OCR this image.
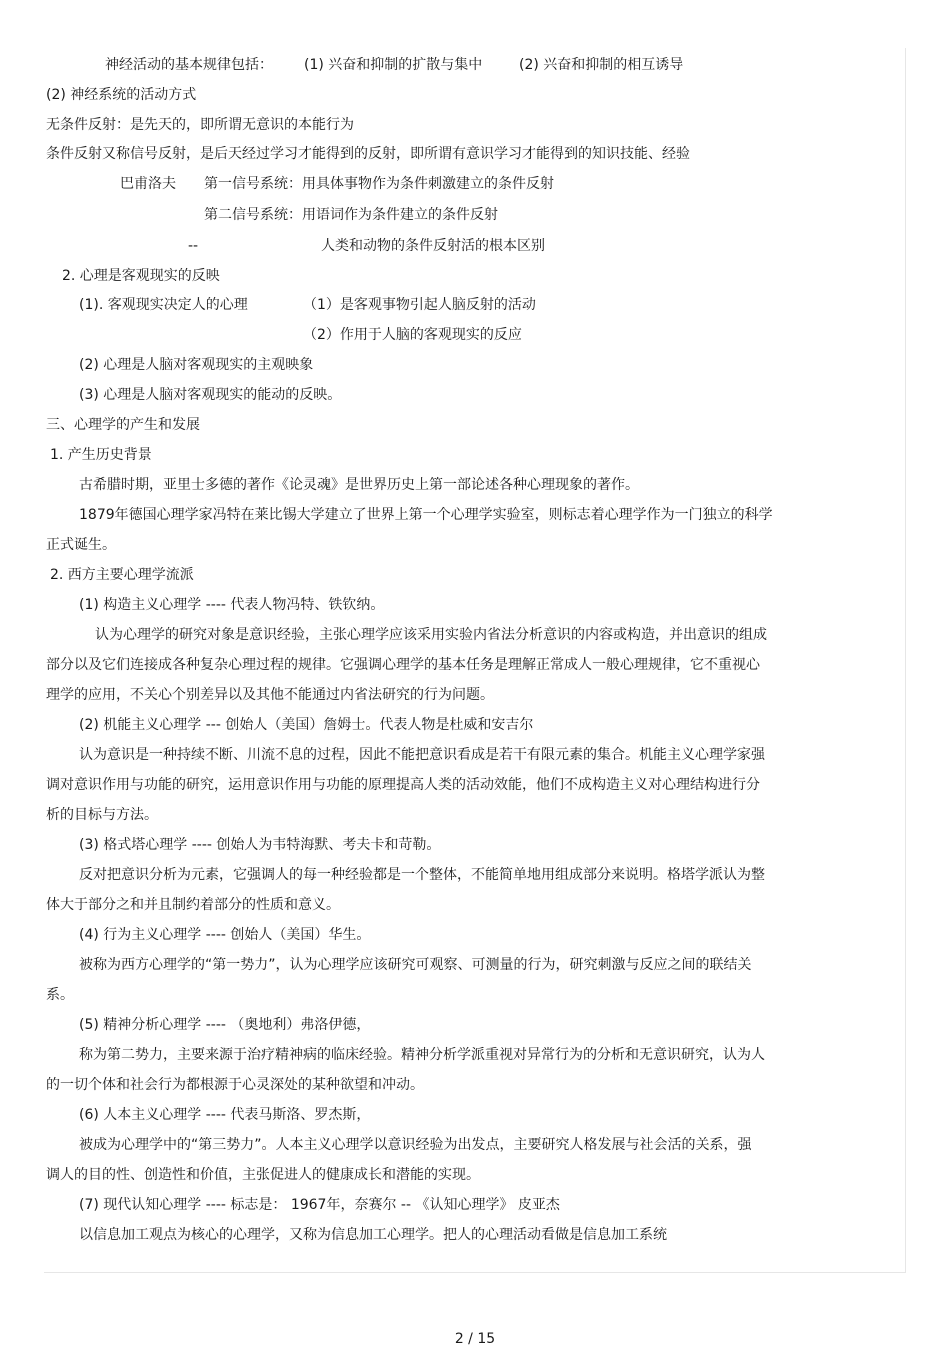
神经活动的基本规律包括： (1) 兴奋和抑制的扩散与集中	(2) 兴奋和抑制的相互诱导
(2) 神经系统的活动方式
无条件反射：是先天的，即所谓无意识的本能行为
条件反射又称信号反射，是后天经过学习才能得到的反射，即所谓有意识学习才能得到的知识技能、经验
巴甫洛夫 第一信号系统：用具体事物作为条件刺激建立的条件反射
第二信号系统：用语词作为条件建立的条件反射
--	人类和动物的条件反射活的根本区别
2. 心理是客观现实的反映
(1). 客观现实决定人的心理	（1）是客观事物引起人脑反射的活动
（2）作用于人脑的客观现实的反应
(2) 心理是人脑对客观现实的主观映象
(3) 心理是人脑对客观现实的能动的反映。
三、心理学的产生和发展
1. 产生历史背景
古希腊时期，亚里士多德的著作《论灵魂》是世界历史上第一部论述各种心理现象的著作。
1879年德国心理学家冯特在莱比锡大学建立了世界上第一个心理学实验室，则标志着心理学作为一门独立的科学
正式诞生。
2. 西方主要心理学流派
(1) 构造主义心理学 ---- 代表人物冯特、铁钦纳。
认为心理学的研究对象是意识经验，主张心理学应该采用实验内省法分析意识的内容或构造，并出意识的组成
部分以及它们连接成各种复杂心理过程的规律。它强调心理学的基本任务是理解正常成人一般心理规律，它不重视心
理学的应用，不关心个别差异以及其他不能通过内省法研究的行为问题。
(2) 机能主义心理学 --- 创始人（美国）詹姆士。代表人物是杜威和安吉尔
认为意识是一种持续不断、川流不息的过程，因此不能把意识看成是若干有限元素的集合。机能主义心理学家强
调对意识作用与功能的研究，运用意识作用与功能的原理提高人类的活动效能，他们不成构造主义对心理结构进行分
析的目标与方法。
(3) 格式塔心理学 ---- 创始人为韦特海默、考夫卡和苛勒。
反对把意识分析为元素，它强调人的每一种经验都是一个整体，不能简单地用组成部分来说明。格塔学派认为整
体大于部分之和并且制约着部分的性质和意义。
(4) 行为主义心理学 ---- 创始人（美国）华生。
被称为西方心理学的“第一势力”，认为心理学应该研究可观察、可测量的行为，研究刺激与反应之间的联结关
系。
(5) 精神分析心理学 ---- （奥地利）弗洛伊德，
称为第二势力，主要来源于治疗精神病的临床经验。精神分析学派重视对异常行为的分析和无意识研究，认为人
的一切个体和社会行为都根源于心灵深处的某种欲望和冲动。
(6) 人本主义心理学 ---- 代表马斯洛、罗杰斯，
被成为心理学中的“第三势力”。人本主义心理学以意识经验为出发点，主要研究人格发展与社会活的关系，强
调人的目的性、创造性和价值，主张促进人的健康成长和潜能的实现。
(7) 现代认知心理学 ---- 标志是： 1967年，奈赛尔 -- 《认知心理学》 皮亚杰
以信息加工观点为核心的心理学，又称为信息加工心理学。把人的心理活动看做是信息加工系统
2 / 15
